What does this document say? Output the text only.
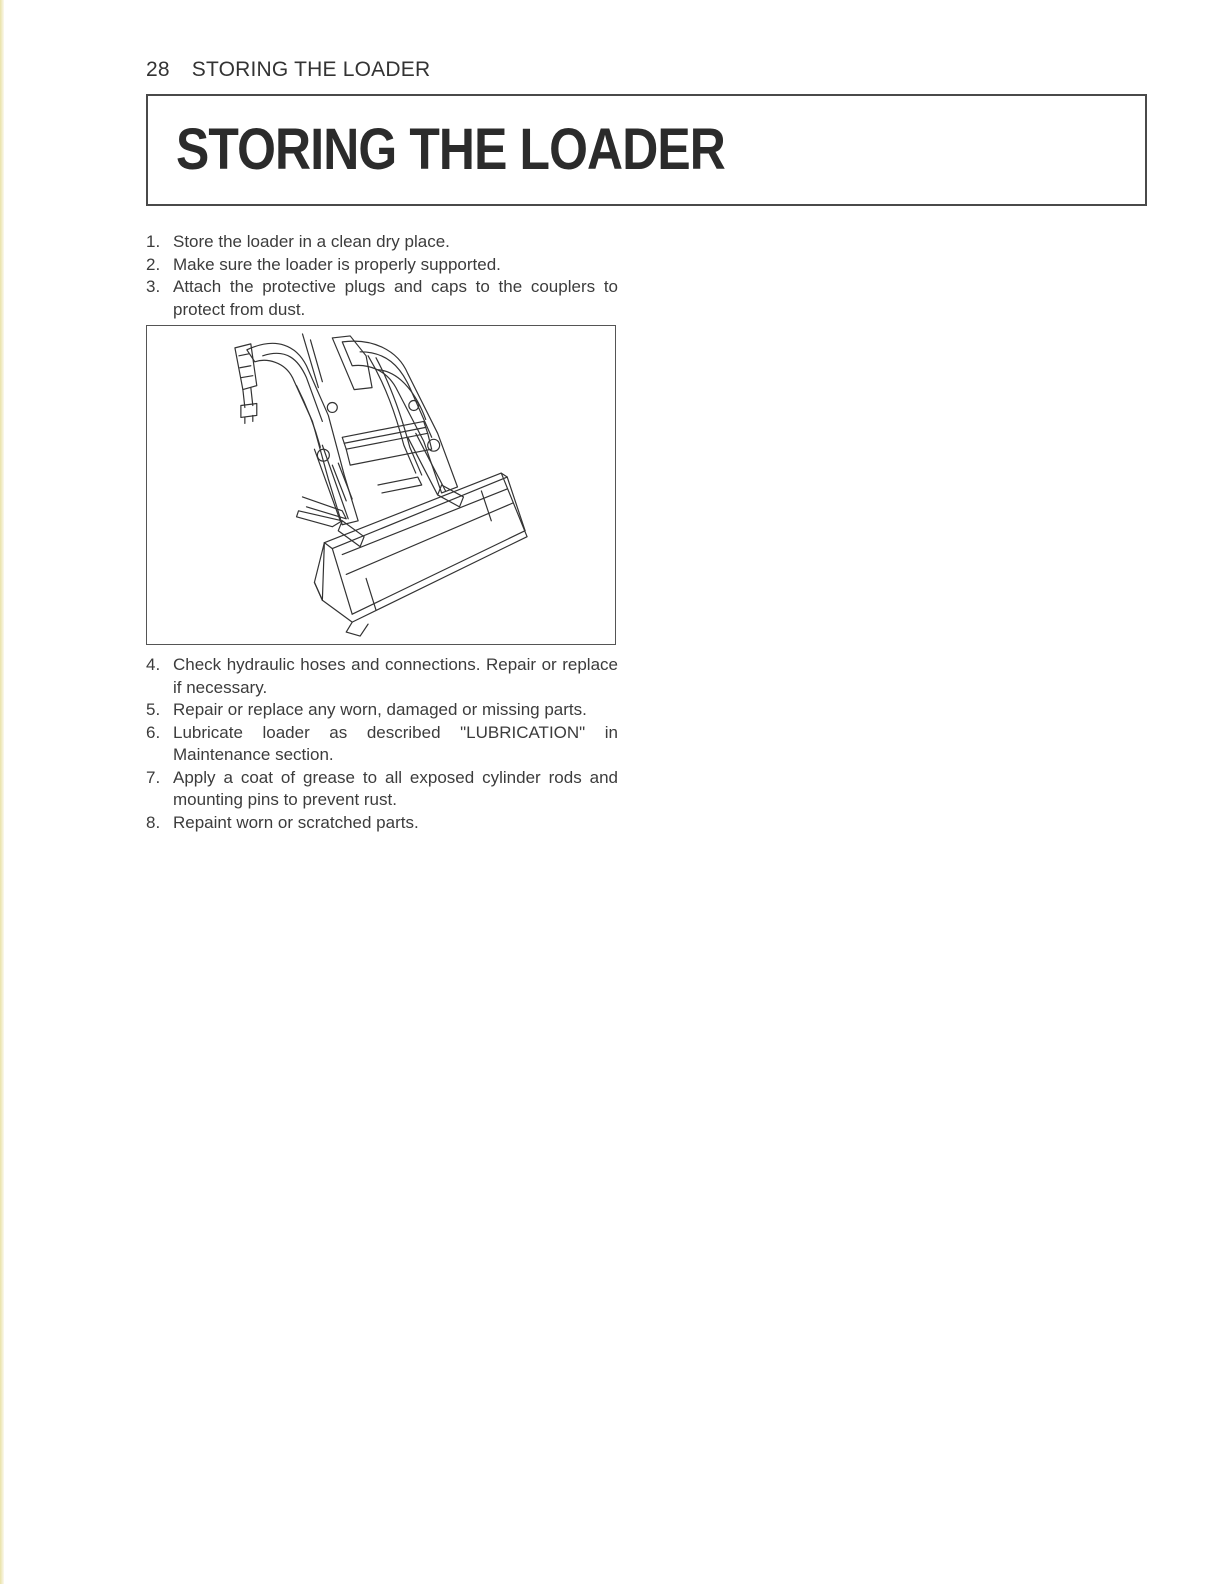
28 STORING THE LOADER
STORING THE LOADER
1. Store the loader in a clean dry place.
2. Make sure the loader is properly supported.
3. Attach the protective plugs and caps to the couplers to protect from dust.
4. Check hydraulic hoses and connections. Repair or replace if necessary.
5. Repair or replace any worn, damaged or missing parts.
6. Lubricate loader as described "LUBRICATION" in Maintenance section.
7. Apply a coat of grease to all exposed cylinder rods and mounting pins to prevent rust.
8. Repaint worn or scratched parts.
